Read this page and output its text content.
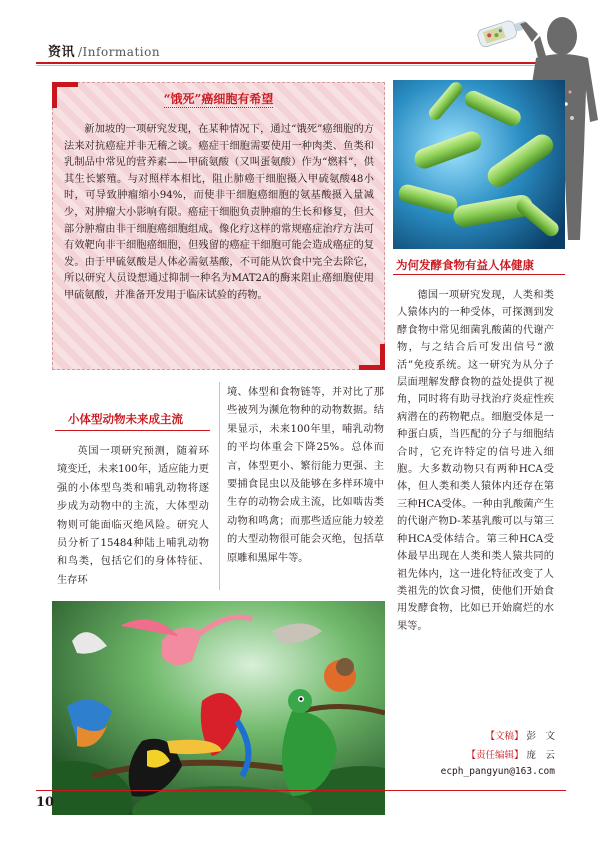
资讯 /Information
“饿死”癌细胞有希望
新加坡的一项研究发现，在某种情况下，通过“饿死”癌细胞的方法来对抗癌症并非无稽之谈。癌症干细胞需要使用一种肉类、鱼类和乳制品中常见的营养素——甲硫氨酸（又叫蛋氨酸）作为“燃料”，供其生长繁殖。与对照样本相比，阻止肺癌干细胞摄入甲硫氨酸48小时，可导致肿瘤缩小94%，而使非干细胞癌细胞的氨基酸摄入量减少，对肿瘤大小影响有限。癌症干细胞负责肿瘤的生长和修复，但大部分肿瘤由非干细胞癌细胞组成。像化疗这样的常规癌症治疗方法可有效靶向非干细胞癌细胞，但残留的癌症干细胞可能会造成癌症的复发。由于甲硫氨酸是人体必需氨基酸，不可能从饮食中完全去除它，所以研究人员设想通过抑制一种名为MAT2A的酶来阻止癌细胞使用甲硫氨酸，并准备开发用于临床试验的药物。
为何发酵食物有益人体健康
德国一项研究发现，人类和类人猿体内的一种受体，可探测到发酵食物中常见细菌乳酸菌的代谢产物，与之结合后可发出信号“激活”免疫系统。这一研究为从分子层面理解发酵食物的益处提供了视角，同时将有助寻找治疗炎症性疾病潜在的药物靶点。细胞受体是一种蛋白质，当匹配的分子与细胞结合时，它充许特定的信号进入细胞。大多数动物只有两种HCA受体，但人类和类人猿体内还存在第三种HCA受体。一种由乳酸菌产生的代谢产物D-苯基乳酸可以与第三种HCA受体结合。第三种HCA受体最早出现在人类和类人猿共同的祖先体内，这一进化特征改变了人类祖先的饮食习惯，使他们开始食用发酵食物，比如已开始腐烂的水果等。
【文稿】 彭　文
【责任编辑】 庞　云
ecph_pangyun@163.com
小体型动物未来成主流
英国一项研究预测，随着环境变迁，未来100年，适应能力更强的小体型鸟类和哺乳动物将逐步成为动物中的主流，大体型动物则可能面临灭绝风险。研究人员分析了15484种陆上哺乳动物和鸟类，包括它们的身体特征、生存环
境、体型和食物链等，并对比了那些被列为濒危物种的动物数据。结果显示，未来100年里，哺乳动物的平均体重会下降25%。总体而言，体型更小、繁衍能力更强、主要捕食昆虫以及能够在多样环境中生存的动物会成主流，比如啮齿类动物和鸣禽；而那些适应能力较差的大型动物很可能会灭绝，包括草原雕和黑犀牛等。
10
